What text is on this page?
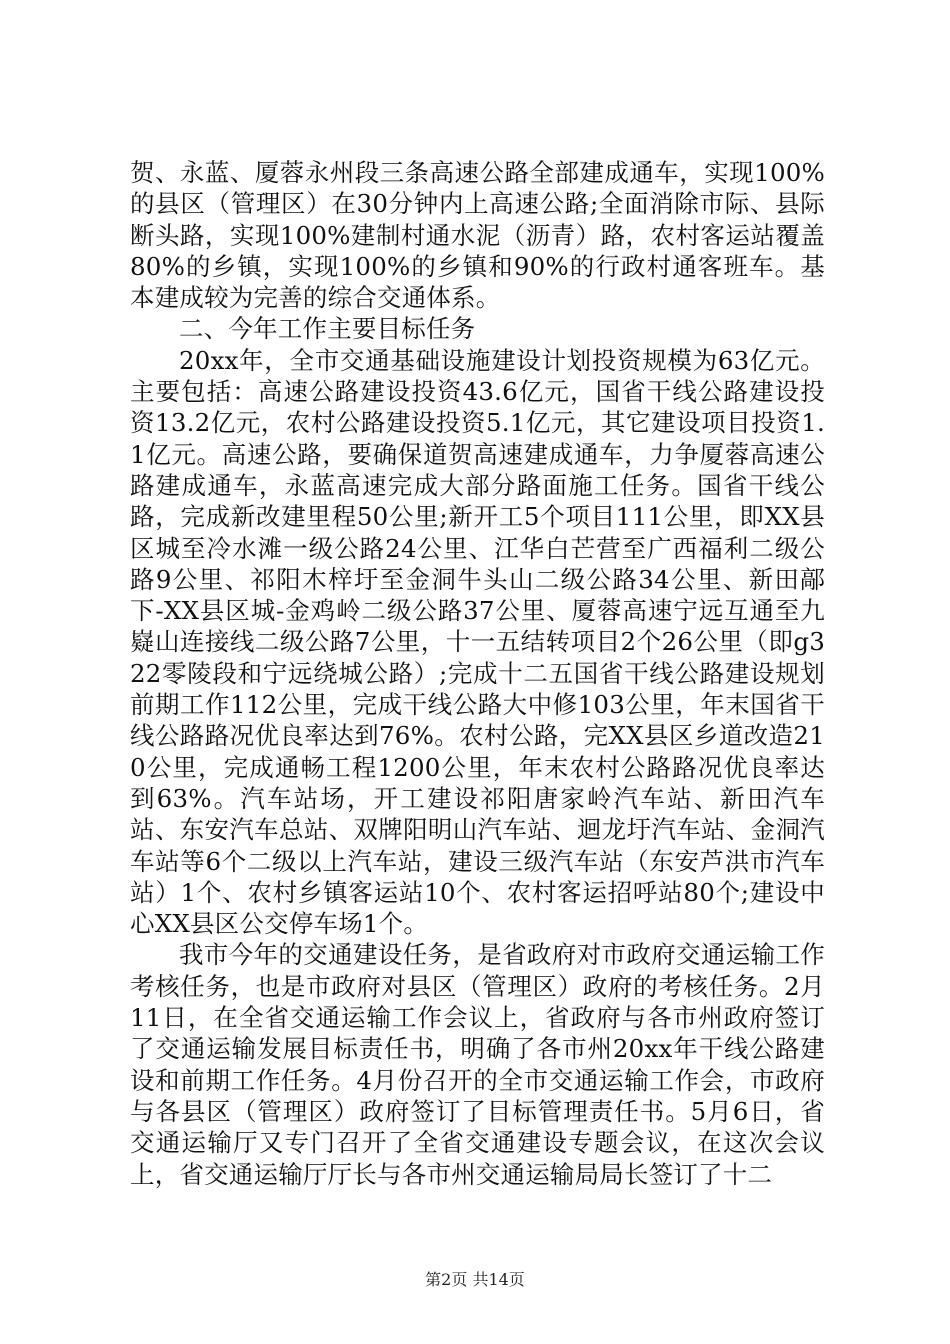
贺、永蓝、厦蓉永州段三条高速公路全部建成通车，实现100%的县区（管理区）在30分钟内上高速公路;全面消除市际、县际断头路，实现100%建制村通水泥（沥青）路，农村客运站覆盖80%的乡镇，实现100%的乡镇和90%的行政村通客班车。基本建成较为完善的综合交通体系。

二、今年工作主要目标任务

20xx年，全市交通基础设施建设计划投资规模为63亿元。主要包括：高速公路建设投资43.6亿元，国省干线公路建设投资13.2亿元，农村公路建设投资5.1亿元，其它建设项目投资1.1亿元。高速公路，要确保道贺高速建成通车，力争厦蓉高速公路建成通车，永蓝高速完成大部分路面施工任务。国省干线公路，完成新改建里程50公里;新开工5个项目111公里，即XX县区城至冷水滩一级公路24公里、江华白芒营至广西福利二级公路9公里、祁阳木梓圩至金洞牛头山二级公路34公里、新田鄗下-XX县区城-金鸡岭二级公路37公里、厦蓉高速宁远互通至九嶷山连接线二级公路7公里，十一五结转项目2个26公里（即g322零陵段和宁远绕城公路）;完成十二五国省干线公路建设规划前期工作112公里，完成干线公路大中修103公里，年末国省干线公路路况优良率达到76%。农村公路，完XX县区乡道改造210公里，完成通畅工程1200公里，年末农村公路路况优良率达到63%。汽车站场，开工建设祁阳唐家岭汽车站、新田汽车站、东安汽车总站、双牌阳明山汽车站、迴龙圩汽车站、金洞汽车站等6个二级以上汽车站，建设三级汽车站（东安芦洪市汽车站）1个、农村乡镇客运站10个、农村客运招呼站80个;建设中心XX县区公交停车场1个。

我市今年的交通建设任务，是省政府对市政府交通运输工作考核任务，也是市政府对县区（管理区）政府的考核任务。2月11日，在全省交通运输工作会议上，省政府与各市州政府签订了交通运输发展目标责任书，明确了各市州20xx年干线公路建设和前期工作任务。4月份召开的全市交通运输工作会，市政府与各县区（管理区）政府签订了目标管理责任书。5月6日，省交通运输厅又专门召开了全省交通建设专题会议，在这次会议上，省交通运输厅厅长与各市州交通运输局局长签订了十二

第2页 共14页
